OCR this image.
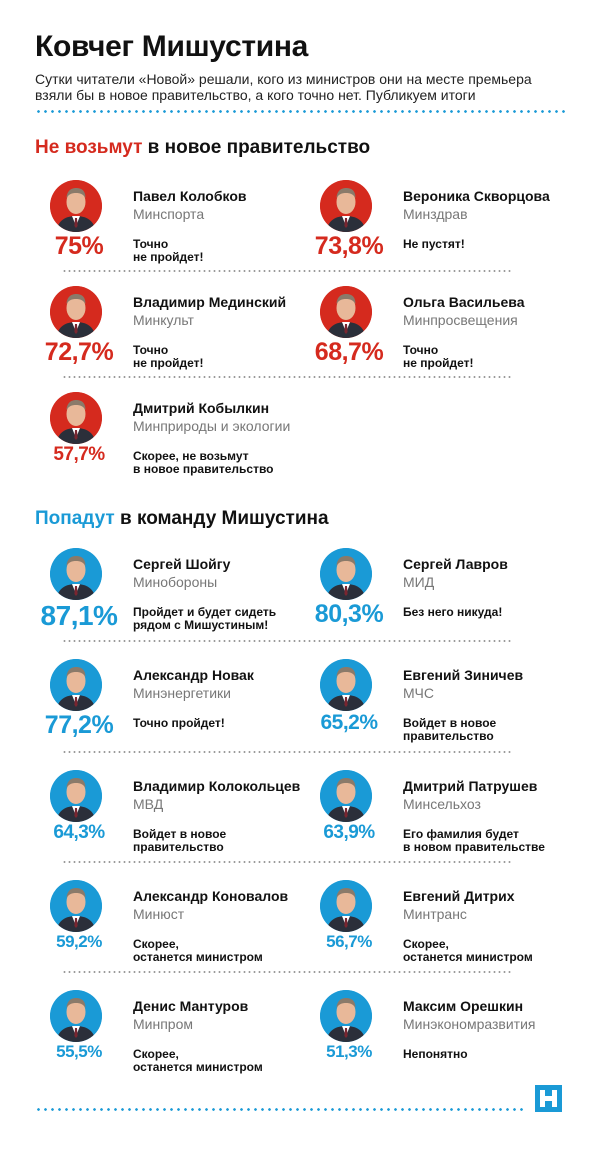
Ковчег Мишустина
Сутки читатели «Новой» решали, кого из министров они на месте премьера взяли бы в новое правительство, а кого точно нет. Публикуем итоги
Не возьмут в новое правительство
Павел Колобков
Минспорта
75%	Точно
не пройдет!
Вероника Скворцова
Минздрав
73,8%	Не пустят!
Владимир Мединский
Минкульт
72,7%	Точно
не пройдет!
Ольга Васильева
Минпросвещения
68,7%	Точно
не пройдет!
Дмитрий Кобылкин
Минприроды и экологии
57,7%	Скорее, не возьмут
в новое правительство
Попадут в команду Мишустина
Сергей Шойгу
Минобороны
87,1%	Пройдет и будет сидеть
рядом с Мишустиным!
Сергей Лавров
МИД
80,3%	Без него никуда!
Александр Новак
Минэнергетики
77,2%	Точно пройдет!
Евгений Зиничев
МЧС
65,2%	Войдет в новое
правительство
Владимир Колокольцев
МВД
64,3%	Войдет в новое
правительство
Дмитрий Патрушев
Минсельхоз
63,9%	Его фамилия будет
в новом правительстве
Александр Коновалов
Минюст
59,2%	Скорее,
останется министром
Евгений Дитрих
Минтранс
56,7%	Скорее,
останется министром
Денис Мантуров
Минпром
55,5%	Скорее,
останется министром
Максим Орешкин
Минэкономразвития
51,3%	Непонятно
